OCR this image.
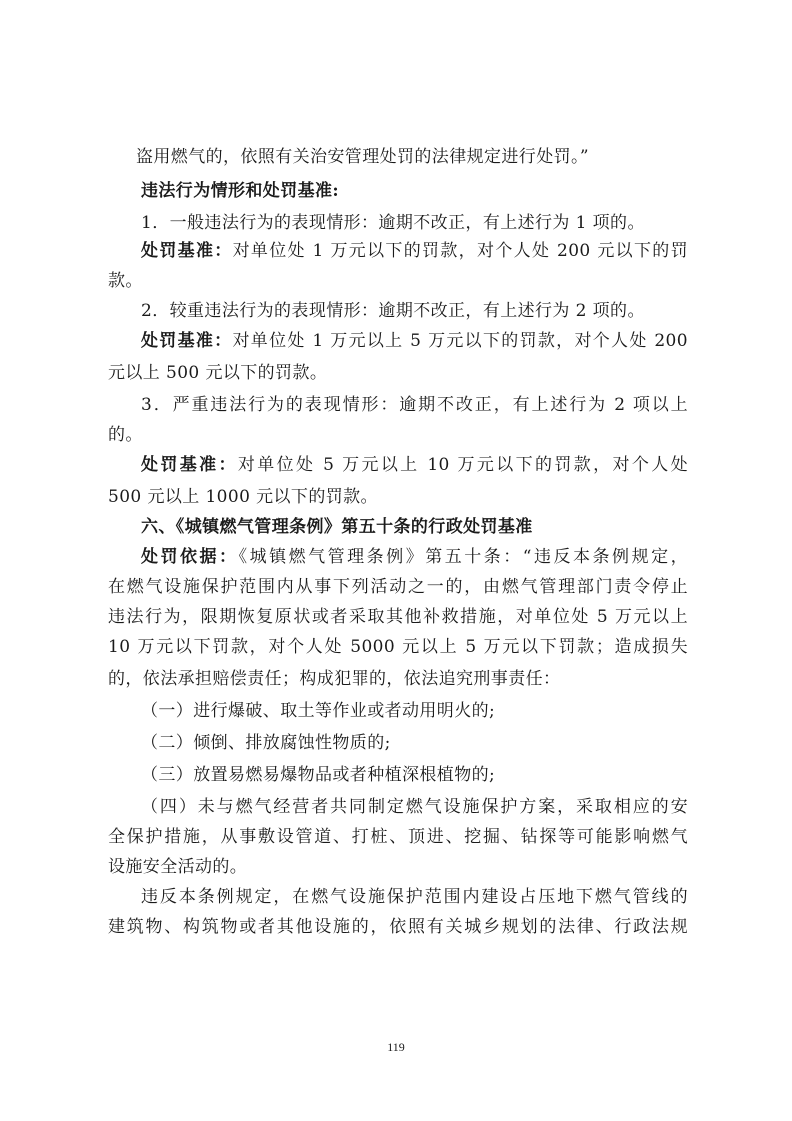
盗用燃气的，依照有关治安管理处罚的法律规定进行处罚。”
违法行为情形和处罚基准:
1．一般违法行为的表现情形：逾期不改正，有上述行为 1 项的。
处罚基准：对单位处 1 万元以下的罚款，对个人处 200 元以下的罚
款。
2．较重违法行为的表现情形：逾期不改正，有上述行为 2 项的。
处罚基准：对单位处 1 万元以上 5 万元以下的罚款，对个人处 200
元以上 500 元以下的罚款。
3．严重违法行为的表现情形：逾期不改正，有上述行为 2 项以上
的。
处罚基准：对单位处 5 万元以上 10 万元以下的罚款，对个人处
500 元以上 1000 元以下的罚款。
六、《城镇燃气管理条例》第五十条的行政处罚基准
处罚依据：《城镇燃气管理条例》第五十条：“违反本条例规定，
在燃气设施保护范围内从事下列活动之一的，由燃气管理部门责令停止
违法行为，限期恢复原状或者采取其他补救措施，对单位处 5 万元以上
10 万元以下罚款，对个人处 5000 元以上 5 万元以下罚款；造成损失
的，依法承担赔偿责任；构成犯罪的，依法追究刑事责任：
（一）进行爆破、取土等作业或者动用明火的;
（二）倾倒、排放腐蚀性物质的;
（三）放置易燃易爆物品或者种植深根植物的;
（四）未与燃气经营者共同制定燃气设施保护方案，采取相应的安
全保护措施，从事敷设管道、打桩、顶进、挖掘、钻探等可能影响燃气
设施安全活动的。
违反本条例规定，在燃气设施保护范围内建设占压地下燃气管线的
建筑物、构筑物或者其他设施的，依照有关城乡规划的法律、行政法规
119
